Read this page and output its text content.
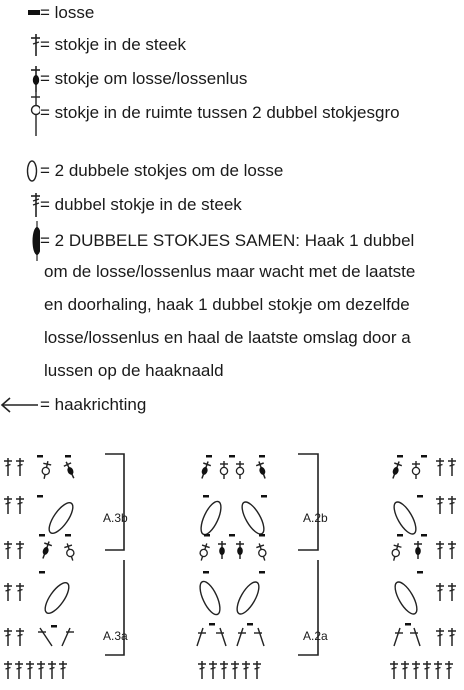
= losse
= stokje in de steek
= stokje om losse/lossenlus
= stokje in de ruimte tussen 2 dubbel stokjesgro
= 2 dubbele stokjes om de losse
= dubbel stokje in de steek
= 2 DUBBELE STOKJES SAMEN: Haak 1 dubbel
om de losse/lossenlus maar wacht met de laatste
en doorhaling, haak 1 dubbel stokje om dezelfde
losse/lossenlus en haal de laatste omslag door a
lussen op de haaknaald
= haakrichting
A.3b
A.3a
A.2b
A.2a
